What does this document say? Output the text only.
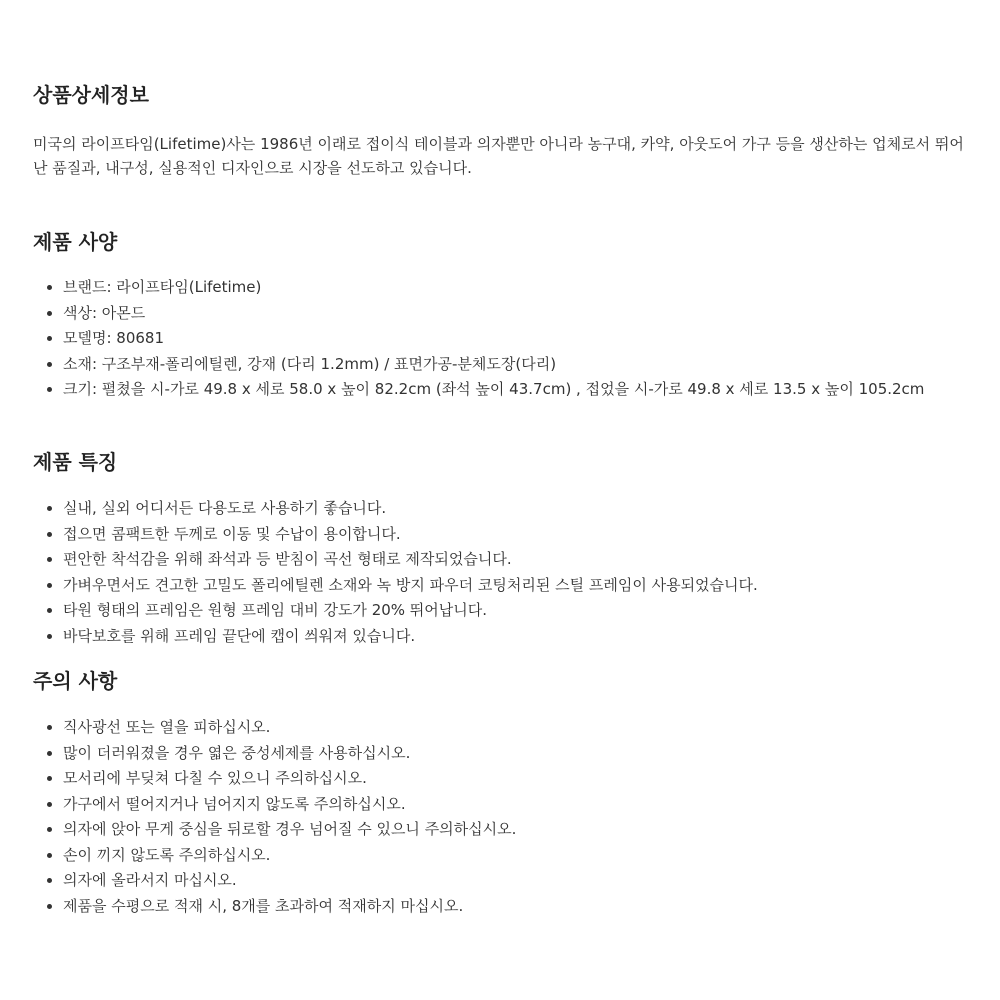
상품상세정보

미국의 라이프타임(Lifetime)사는 1986년 이래로 접이식 테이블과 의자뿐만 아니라 농구대, 카약, 아웃도어 가구 등을 생산하는 업체로서 뛰어난 품질과, 내구성, 실용적인 디자인으로 시장을 선도하고 있습니다.

제품 사양
• 브랜드: 라이프타임(Lifetime)
• 색상: 아몬드
• 모델명: 80681
• 소재: 구조부재-폴리에틸렌, 강재 (다리 1.2mm) / 표면가공-분체도장(다리)
• 크기: 펼쳤을 시-가로 49.8 x 세로 58.0 x 높이 82.2cm (좌석 높이 43.7cm) , 접었을 시-가로 49.8 x 세로 13.5 x 높이 105.2cm
제품 특징
• 실내, 실외 어디서든 다용도로 사용하기 좋습니다.
• 접으면 콤팩트한 두께로 이동 및 수납이 용이합니다.
• 편안한 착석감을 위해 좌석과 등 받침이 곡선 형태로 제작되었습니다.
• 가벼우면서도 견고한 고밀도 폴리에틸렌 소재와 녹 방지 파우더 코팅처리된 스틸 프레임이 사용되었습니다.
• 타원 형태의 프레임은 원형 프레임 대비 강도가 20% 뛰어납니다.
• 바닥보호를 위해 프레임 끝단에 캡이 씌워져 있습니다.
주의 사항
• 직사광선 또는 열을 피하십시오.
• 많이 더러워졌을 경우 엷은 중성세제를 사용하십시오.
• 모서리에 부딪쳐 다칠 수 있으니 주의하십시오.
• 가구에서 떨어지거나 넘어지지 않도록 주의하십시오.
• 의자에 앉아 무게 중심을 뒤로할 경우 넘어질 수 있으니 주의하십시오.
• 손이 끼지 않도록 주의하십시오.
• 의자에 올라서지 마십시오.
• 제품을 수평으로 적재 시, 8개를 초과하여 적재하지 마십시오.
